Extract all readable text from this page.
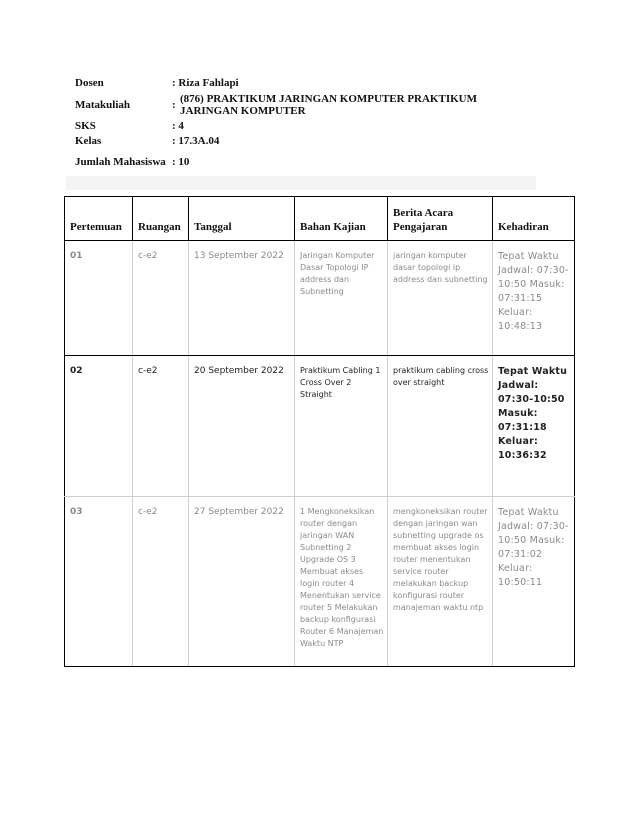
Dosen	: Riza Fahlapi
Matakuliah	: (876) PRAKTIKUM JARINGAN KOMPUTER PRAKTIKUM JARINGAN KOMPUTER
SKS	: 4
Kelas	: 17.3A.04
Jumlah Mahasiswa : 10
Pertemuan	Ruangan	Tanggal	Bahan Kajian	Berita Acara Pengajaran	Kehadiran
01	c-e2	13 September 2022	Jaringan Komputer Dasar Topologi IP address dan Subnetting	jaringan komputer dasar topologi ip address dan subnetting	Tepat Waktu Jadwal: 07:30-10:50 Masuk: 07:31:15 Keluar: 10:48:13
02	c-e2	20 September 2022	Praktikum Cabling 1 Cross Over 2 Straight	praktikum cabling cross over straight	Tepat Waktu Jadwal: 07:30-10:50 Masuk: 07:31:18 Keluar: 10:36:32
03	c-e2	27 September 2022	1 Mengkoneksikan router dengan jaringan WAN Subnetting 2 Upgrade OS 3 Membuat akses login router 4 Menentukan service router 5 Melakukan backup konfigurasi Router 6 Manajeman Waktu NTP	mengkoneksikan router dengan jaringan wan subnetting upgrade os membuat akses login router menentukan service router melakukan backup konfigurasi router manajeman waktu ntp	Tepat Waktu Jadwal: 07:30-10:50 Masuk: 07:31:02 Keluar: 10:50:11
